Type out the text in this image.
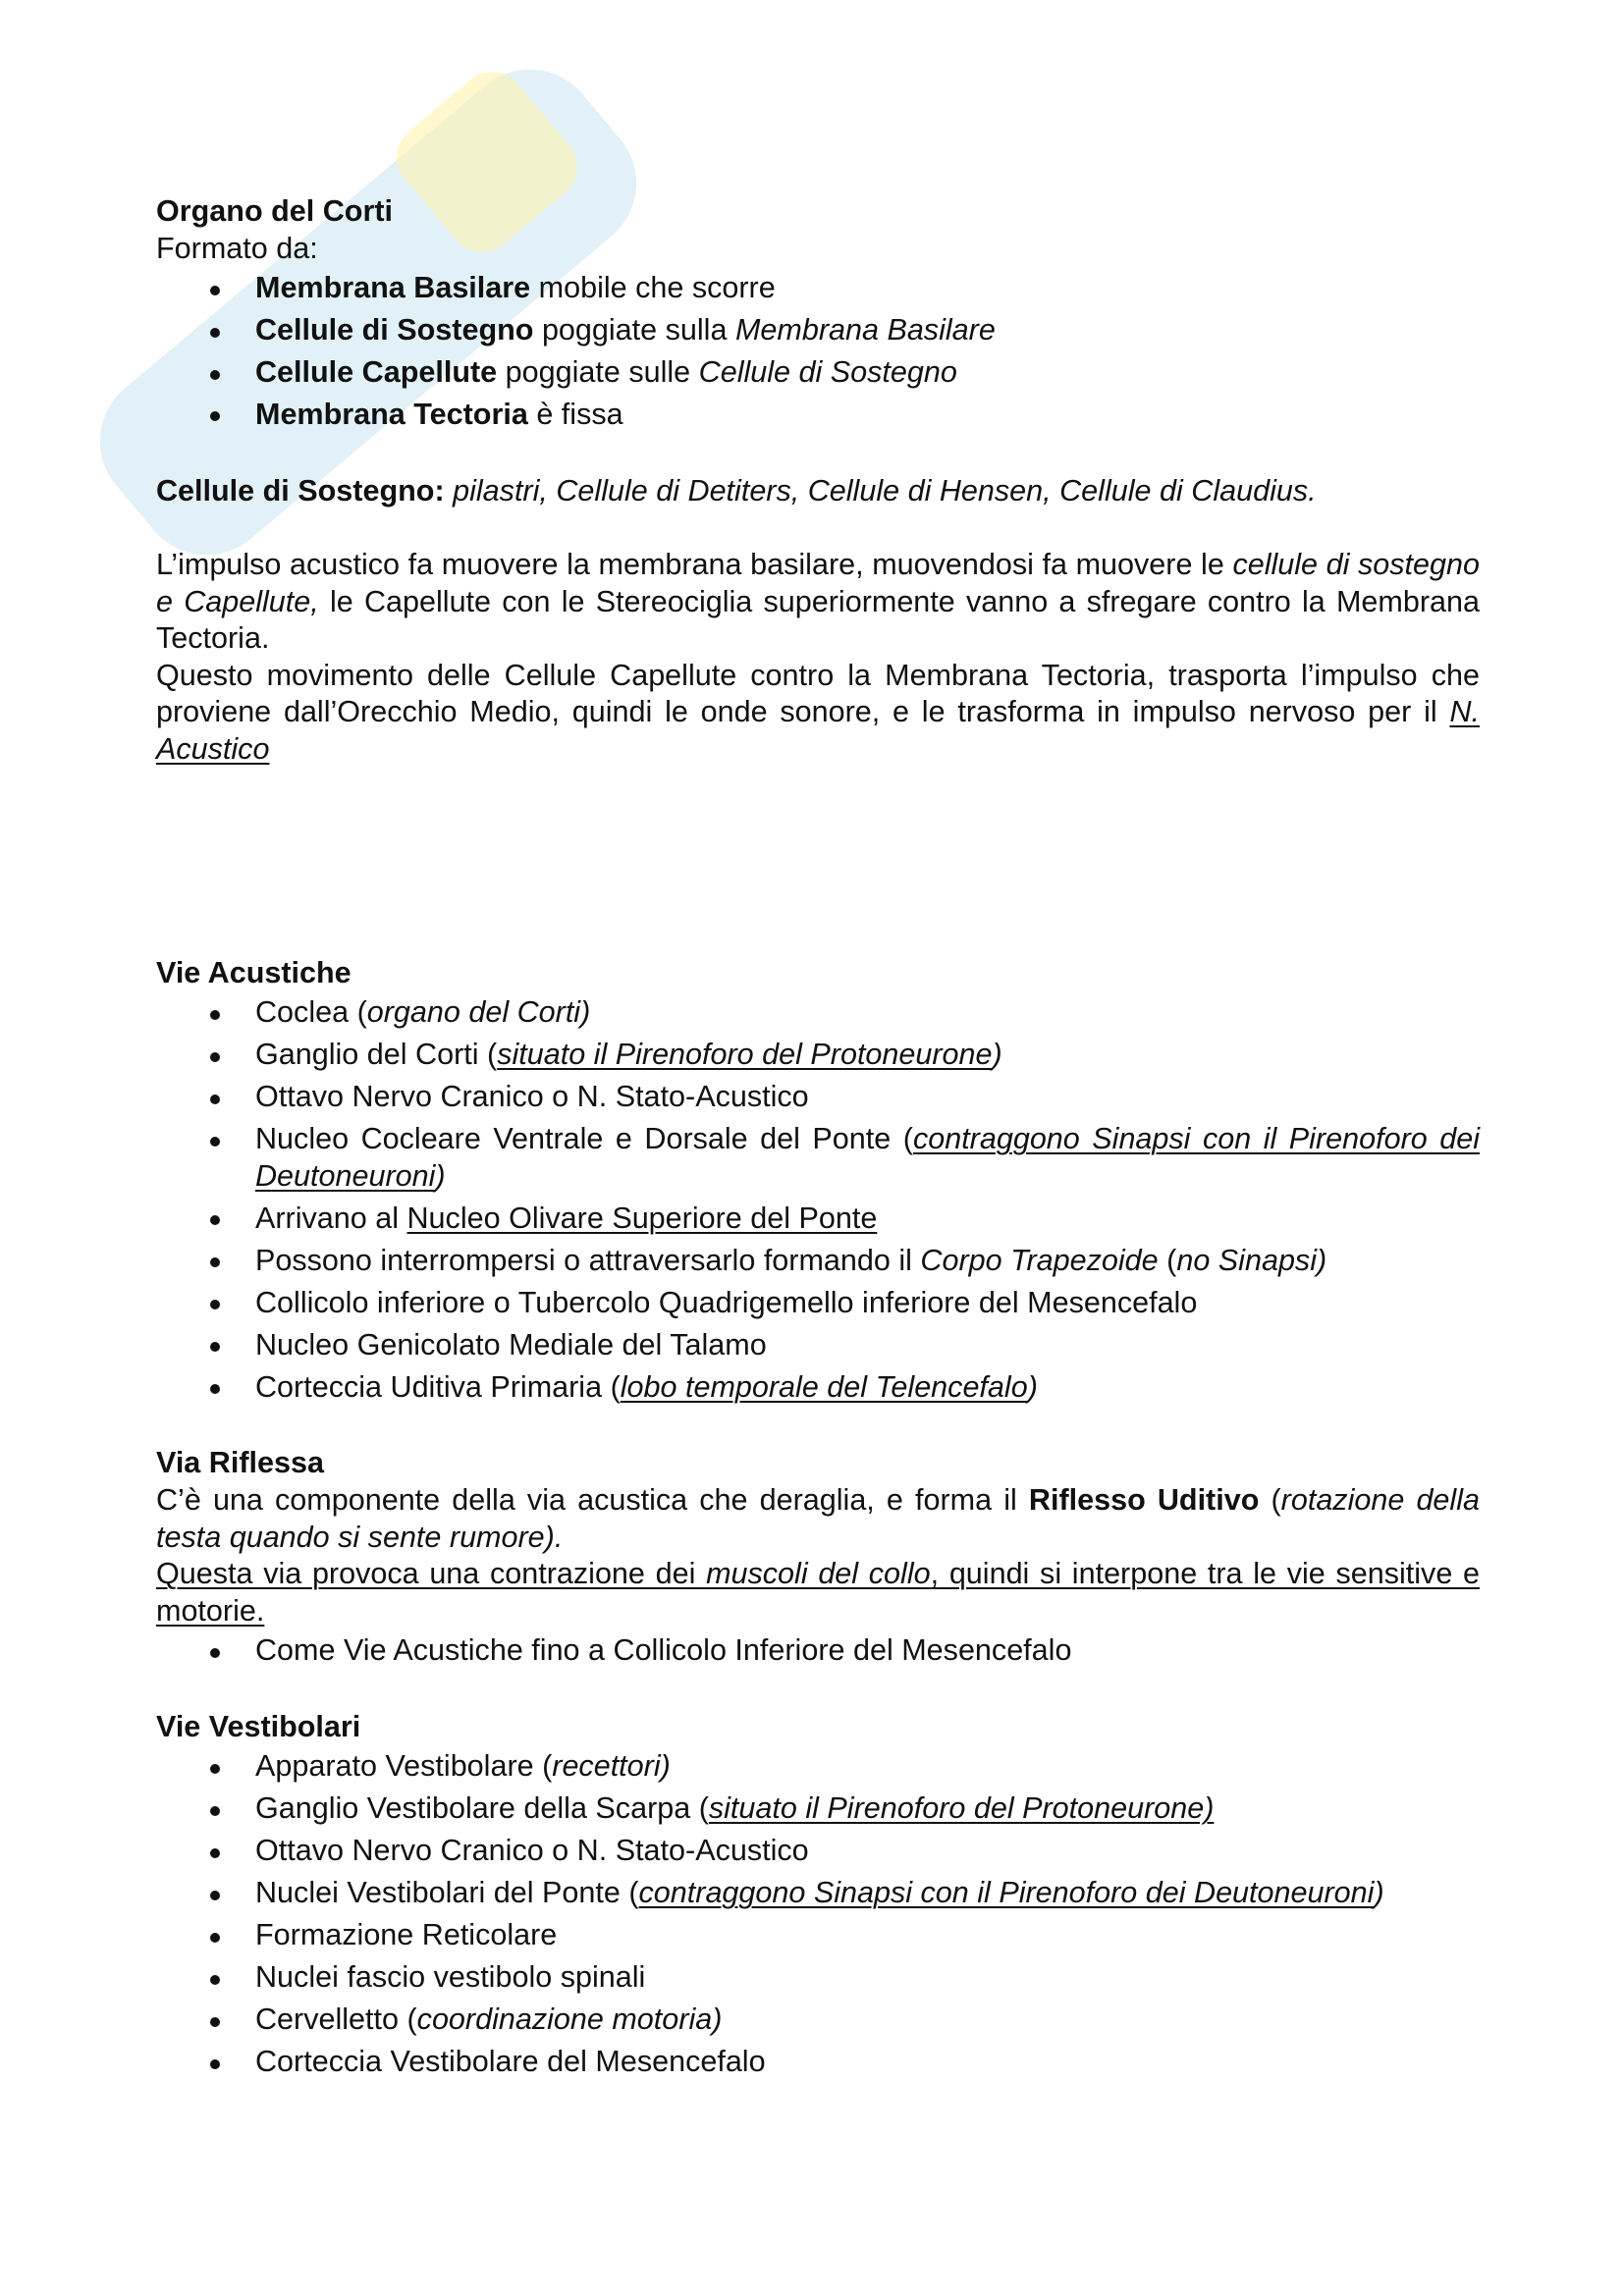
Organo del Corti
Formato da:
Membrana Basilare mobile che scorre
Cellule di Sostegno poggiate sulla Membrana Basilare
Cellule Capellute poggiate sulle Cellule di Sostegno
Membrana Tectoria è fissa
Cellule di Sostegno: pilastri, Cellule di Detiters, Cellule di Hensen, Cellule di Claudius.
L’impulso acustico fa muovere la membrana basilare, muovendosi fa muovere le cellule di sostegno e Capellute, le Capellute con le Stereociglia superiormente vanno a sfregare contro la Membrana Tectoria.
Questo movimento delle Cellule Capellute contro la Membrana Tectoria, trasporta l’impulso che proviene dall’Orecchio Medio, quindi le onde sonore, e le trasforma in impulso nervoso per il N. Acustico
Vie Acustiche
Coclea (organo del Corti)
Ganglio del Corti (situato il Pirenoforo del Protoneurone)
Ottavo Nervo Cranico o N. Stato-Acustico
Nucleo Cocleare Ventrale e Dorsale del Ponte (contraggono Sinapsi con il Pirenoforo dei Deutoneuroni)
Arrivano al Nucleo Olivare Superiore del Ponte
Possono interrompersi o attraversarlo formando il Corpo Trapezoide (no Sinapsi)
Collicolo inferiore o Tubercolo Quadrigemello inferiore del Mesencefalo
Nucleo Genicolato Mediale del Talamo
Corteccia Uditiva Primaria (lobo temporale del Telencefalo)
Via Riflessa
C’è una componente della via acustica che deraglia, e forma il Riflesso Uditivo (rotazione della testa quando si sente rumore).
Questa via provoca una contrazione dei muscoli del collo, quindi si interpone tra le vie sensitive e motorie.
Come Vie Acustiche fino a Collicolo Inferiore del Mesencefalo
Vie Vestibolari
Apparato Vestibolare (recettori)
Ganglio Vestibolare della Scarpa (situato il Pirenoforo del Protoneurone)
Ottavo Nervo Cranico o N. Stato-Acustico
Nuclei Vestibolari del Ponte (contraggono Sinapsi con il Pirenoforo dei Deutoneuroni)
Formazione Reticolare
Nuclei fascio vestibolo spinali
Cervelletto (coordinazione motoria)
Corteccia Vestibolare del Mesencefalo
